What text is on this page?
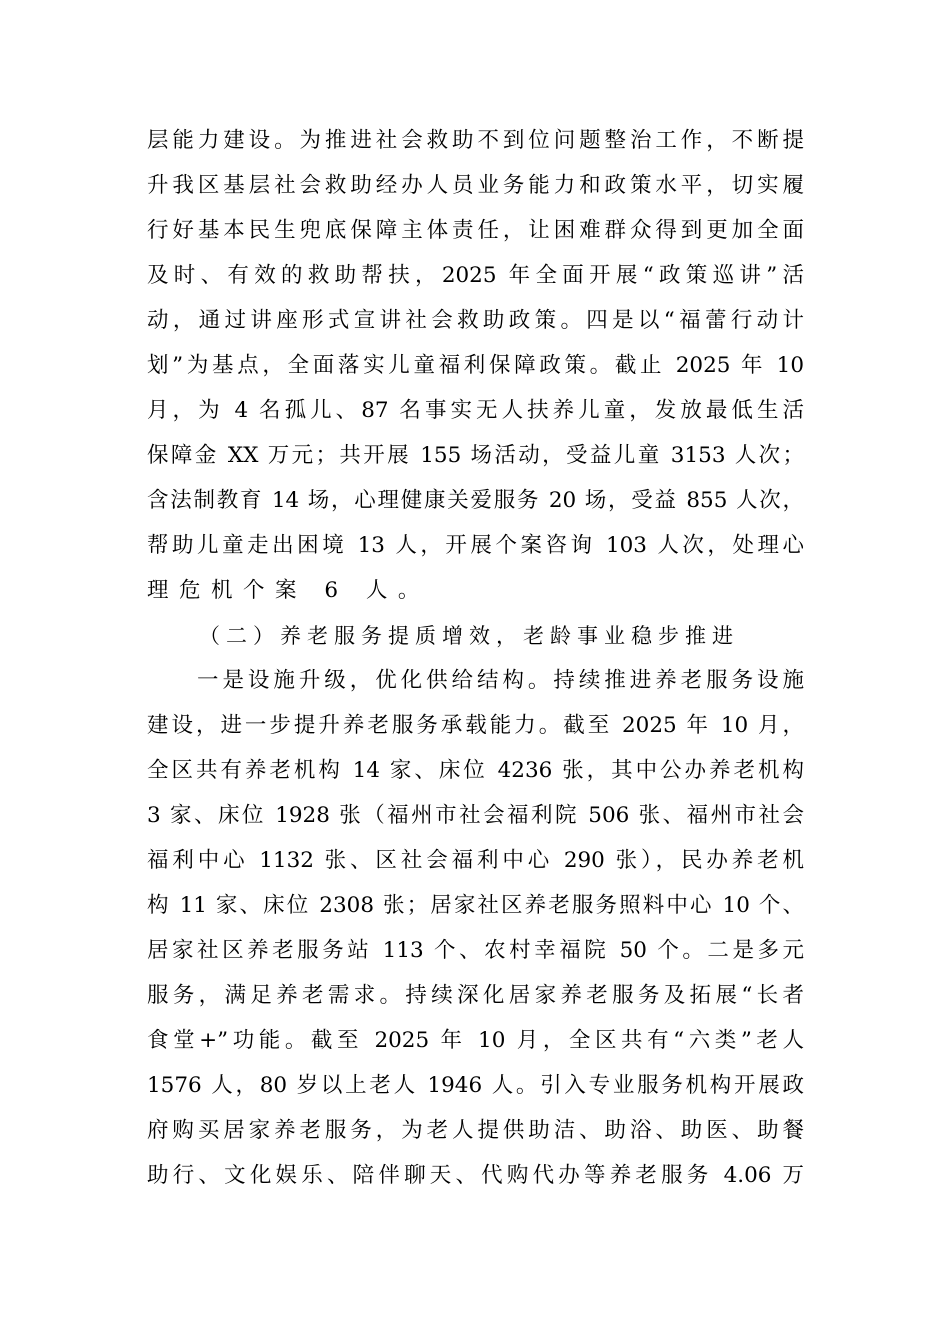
层能力建设。为推进社会救助不到位问题整治工作，不断提
升我区基层社会救助经办人员业务能力和政策水平，切实履
行好基本民生兜底保障主体责任，让困难群众得到更加全面
及时、有效的救助帮扶，2025 年全面开展“政策巡讲”活
动，通过讲座形式宣讲社会救助政策。四是以“福蕾行动计
划”为基点，全面落实儿童福利保障政策。截止 2025 年 10
月，为 4 名孤儿、87 名事实无人扶养儿童，发放最低生活
保障金 XX 万元；共开展 155 场活动，受益儿童 3153 人次；
含法制教育 14 场，心理健康关爱服务 20 场，受益 855 人次，
帮助儿童走出困境 13 人，开展个案咨询 103 人次，处理心
理危机个案 6 人。
（二）养老服务提质增效，老龄事业稳步推进
一是设施升级，优化供给结构。持续推进养老服务设施
建设，进一步提升养老服务承载能力。截至 2025 年 10 月，
全区共有养老机构 14 家、床位 4236 张，其中公办养老机构
3 家、床位 1928 张（福州市社会福利院 506 张、福州市社会
福利中心 1132 张、区社会福利中心 290 张），民办养老机
构 11 家、床位 2308 张；居家社区养老服务照料中心 10 个、
居家社区养老服务站 113 个、农村幸福院 50 个。二是多元
服务，满足养老需求。持续深化居家养老服务及拓展“长者
食堂+”功能。截至 2025 年 10 月，全区共有“六类”老人
1576 人，80 岁以上老人 1946 人。引入专业服务机构开展政
府购买居家养老服务，为老人提供助洁、助浴、助医、助餐
助行、文化娱乐、陪伴聊天、代购代办等养老服务 4.06 万
